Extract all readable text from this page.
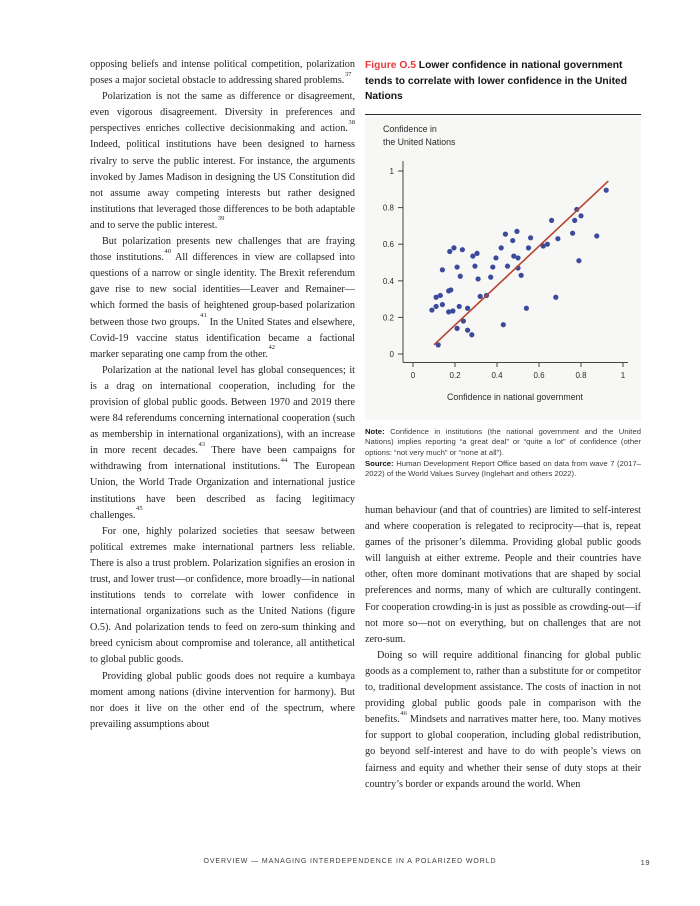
opposing beliefs and intense political competition, polarization poses a major societal obstacle to addressing shared problems.$^{37}$

Polarization is not the same as difference or disagreement, even vigorous disagreement. Diversity in preferences and perspectives enriches collective decisionmaking and action.$^{38}$ Indeed, political institutions have been designed to harness rivalry to serve the public interest. For instance, the arguments invoked by James Madison in designing the US Constitution did not assume away competing interests but rather designed institutions that leveraged those differences to be both adaptable and to serve the public interest.$^{39}$

But polarization presents new challenges that are fraying those institutions.$^{40}$ All differences in view are collapsed into questions of a narrow or single identity. The Brexit referendum gave rise to new social identities—Leaver and Remainer—which formed the basis of heightened group-based polarization between those two groups.$^{41}$ In the United States and elsewhere, Covid-19 vaccine status identification became a factional marker separating one camp from the other.$^{42}$

Polarization at the national level has global consequences; it is a drag on international cooperation, including for the provision of global public goods. Between 1970 and 2019 there were 84 referendums concerning international cooperation (such as membership in international organizations), with an increase in more recent decades.$^{43}$ There have been campaigns for withdrawing from international institutions.$^{44}$ The European Union, the World Trade Organization and international justice institutions have been described as facing legitimacy challenges.$^{45}$

For one, highly polarized societies that seesaw between political extremes make international partners less reliable. There is also a trust problem. Polarization signifies an erosion in trust, and lower trust—or confidence, more broadly—in national institutions tends to correlate with lower confidence in international organizations such as the United Nations (figure O.5). And polarization tends to feed on zero-sum thinking and breed cynicism about compromise and tolerance, all antithetical to global public goods.

Providing global public goods does not require a kumbaya moment among nations (divine intervention for harmony). But nor does it live on the other end of the spectrum, where prevailing assumptions about

Figure O.5 Lower confidence in national government tends to correlate with lower confidence in the United Nations
Confidence in
the United Nations
0
0.2
0.4
0.6
0.8
1
0	0.2	0.4	0.6	0.8	1
Confidence in national government

Note: Confidence in institutions (the national government and the United Nations) implies reporting “a great deal” or “quite a lot” of confidence (other options: “not very much” or “none at all”).

Source: Human Development Report Office based on data from wave 7 (2017–2022) of the World Values Survey (Inglehart and others 2022).

human behaviour (and that of countries) are limited to self-interest and where cooperation is relegated to reciprocity—that is, repeat games of the prisoner’s dilemma. Providing global public goods will languish at either extreme. People and their countries have other, often more dominant motivations that are shaped by social preferences and norms, many of which are culturally contingent. For cooperation crowding-in is just as possible as crowding-out—if not more so—not on everything, but on challenges that are not zero-sum.

Doing so will require additional financing for global public goods as a complement to, rather than a substitute for or competitor to, traditional development assistance. The costs of inaction in not providing global public goods pale in comparison with the benefits.$^{46}$ Mindsets and narratives matter here, too. Many motives for support to global cooperation, including global redistribution, go beyond self-interest and have to do with people’s views on fairness and equity and whether their sense of duty stops at their country’s border or expands around the world. When

OVERVIEW — MANAGING INTERDEPENDENCE IN A POLARIZED WORLD	19
